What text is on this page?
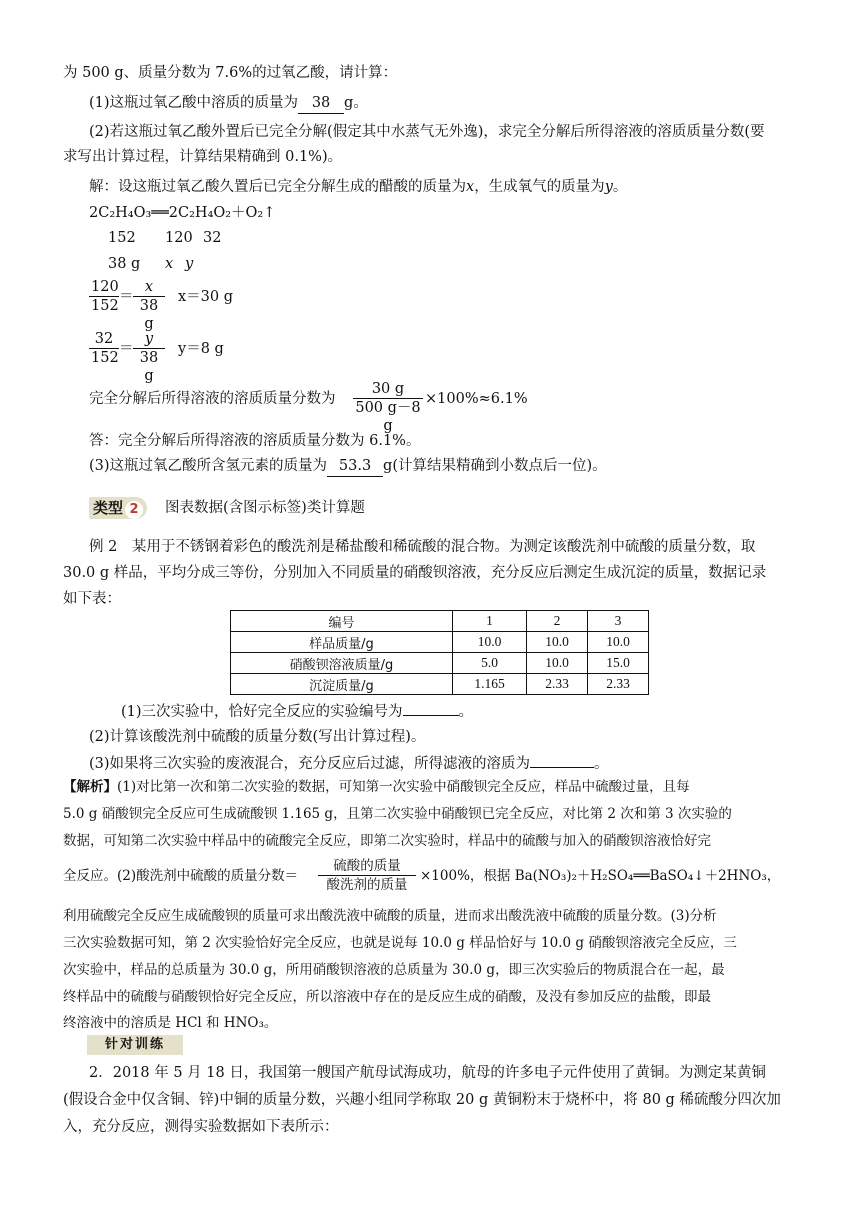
为 500 g、质量分数为 7.6%的过氧乙酸，请计算：
(1)这瓶过氧乙酸中溶质的质量为 38 g。
(2)若这瓶过氧乙酸外置后已完全分解(假定其中水蒸气无外逸)，求完全分解后所得溶液的溶质质量分数(要
求写出计算过程，计算结果精确到 0.1%)。
解：设这瓶过氧乙酸久置后已完全分解生成的醋酸的质量为x，生成氧气的质量为y。
2C₂H₄O₃══2C₂H₄O₂＋O₂↑
152 120 32
38 g x y
$\frac{120}{152} = \frac{x}{38 g} x=30$ g
$\frac{32}{152} = \frac{y}{38 g} y=8$ g
完全分解后所得溶液的溶质质量分数为 $\frac{30 g}{500 g-8 g} \times 100\%\approx 6.1\%$
答：完全分解后所得溶液的溶质质量分数为 6.1%。
(3)这瓶过氧乙酸所含氢元素的质量为 53.3 g(计算结果精确到小数点后一位)。
类型 2	图表数据(含图示标签)类计算题
例 2　某用于不锈钢着彩色的酸洗剂是稀盐酸和稀硫酸的混合物。为测定该酸洗剂中硫酸的质量分数，取
30.0 g 样品，平均分成三等份，分别加入不同质量的硝酸钡溶液，充分反应后测定生成沉淀的质量，数据记录
如下表：
编号	1	2	3
样品质量/g	10.0	10.0	10.0
硝酸钡溶液质量/g	5.0	10.0	15.0
沉淀质量/g	1.165	2.33	2.33
(1)三次实验中，恰好完全反应的实验编号为	。
(2)计算该酸洗剂中硫酸的质量分数(写出计算过程)。
(3)如果将三次实验的废液混合，充分反应后过滤，所得滤液的溶质为	。
【解析】(1)对比第一次和第二次实验的数据，可知第一次实验中硝酸钡完全反应，样品中硫酸过量，且每
5.0 g 硝酸钡完全反应可生成硫酸钡 1.165 g，且第二次实验中硝酸钡已完全反应，对比第 2 次和第 3 次实验的
数据，可知第二次实验中样品中的硫酸完全反应，即第二次实验时，样品中的硫酸与加入的硝酸钡溶液恰好完
全反应。(2)酸洗剂中硫酸的质量分数＝
硫酸的质量
酸洗剂的质量
×100%，根据 Ba(NO₃)₂＋H₂SO₄══BaSO₄↓＋2HNO₃，
利用硫酸完全反应生成硫酸钡的质量可求出酸洗液中硫酸的质量，进而求出酸洗液中硫酸的质量分数。(3)分析
三次实验数据可知，第 2 次实验恰好完全反应，也就是说每 10.0 g 样品恰好与 10.0 g 硝酸钡溶液完全反应，三
次实验中，样品的总质量为 30.0 g，所用硝酸钡溶液的总质量为 30.0 g，即三次实验后的物质混合在一起，最
终样品中的硫酸与硝酸钡恰好完全反应，所以溶液中存在的是反应生成的硝酸，及没有参加反应的盐酸，即最
终溶液中的溶质是 HCl 和 HNO₃。
针对训练
2．2018 年 5 月 18 日，我国第一艘国产航母试海成功，航母的许多电子元件使用了黄铜。为测定某黄铜
(假设合金中仅含铜、锌)中铜的质量分数，兴趣小组同学称取 20 g 黄铜粉末于烧杯中，将 80 g 稀硫酸分四次加
入，充分反应，测得实验数据如下表所示：
